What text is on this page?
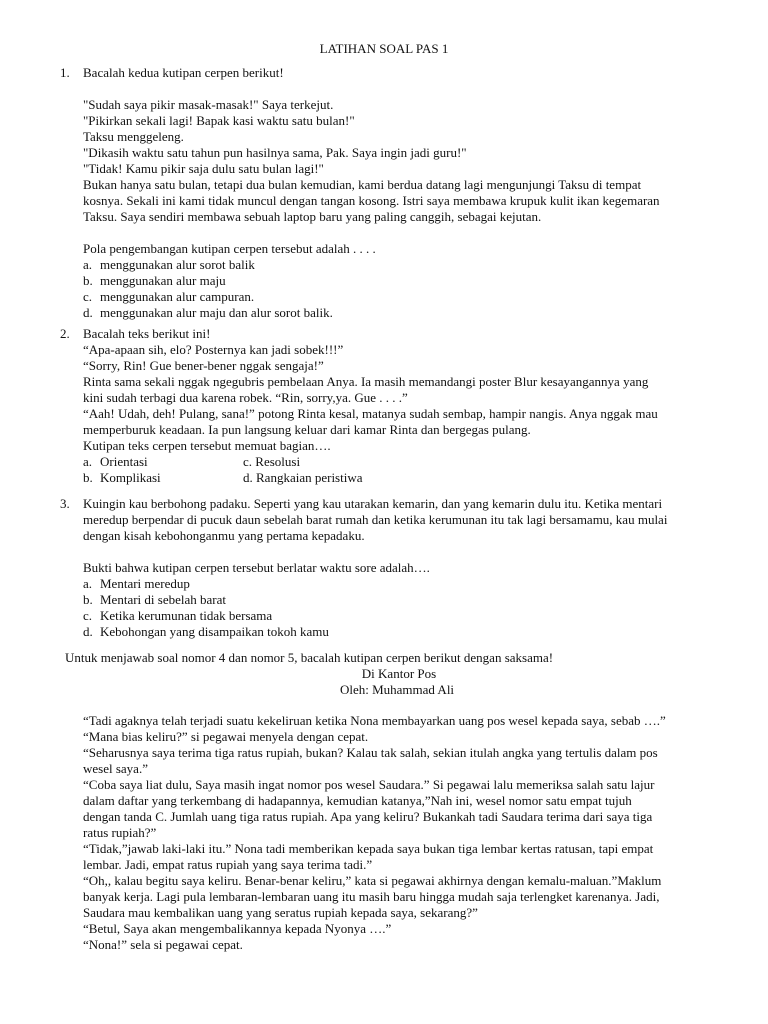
LATIHAN SOAL PAS 1
1.	Bacalah kedua kutipan cerpen berikut!
"Sudah saya pikir masak-masak!" Saya terkejut.
"Pikirkan sekali lagi! Bapak kasi waktu satu bulan!"
Taksu menggeleng.
"Dikasih waktu satu tahun pun hasilnya sama, Pak. Saya ingin jadi guru!"
"Tidak! Kamu pikir saja dulu satu bulan lagi!"
Bukan hanya satu bulan, tetapi dua bulan kemudian, kami berdua datang lagi mengunjungi Taksu di tempat
kosnya. Sekali ini kami tidak muncul dengan tangan kosong. Istri saya membawa krupuk kulit ikan kegemaran
Taksu. Saya sendiri membawa sebuah laptop baru yang paling canggih, sebagai kejutan.
Pola pengembangan kutipan cerpen tersebut adalah . . . .
a. menggunakan alur sorot balik
b. menggunakan alur maju
c. menggunakan alur campuran.
d. menggunakan alur maju dan alur sorot balik.
2.	Bacalah teks berikut ini!
“Apa-apaan sih, elo? Posternya kan jadi sobek!!!”
“Sorry, Rin! Gue bener-bener nggak sengaja!”
Rinta sama sekali nggak ngegubris pembelaan Anya. Ia masih memandangi poster Blur kesayangannya yang
kini sudah terbagi dua karena robek. “Rin, sorry,ya. Gue . . . .”
“Aah! Udah, deh! Pulang, sana!” potong Rinta kesal, matanya sudah sembap, hampir nangis. Anya nggak mau
memperburuk keadaan. Ia pun langsung keluar dari kamar Rinta dan bergegas pulang.
Kutipan teks cerpen tersebut memuat bagian….
a. Orientasi	c. Resolusi
b. Komplikasi	d. Rangkaian peristiwa
3.	Kuingin kau berbohong padaku. Seperti yang kau utarakan kemarin, dan yang kemarin dulu itu. Ketika mentari
meredup berpendar di pucuk daun sebelah barat rumah dan ketika kerumunan itu tak lagi bersamamu, kau mulai
dengan kisah kebohonganmu yang pertama kepadaku.
Bukti bahwa kutipan cerpen tersebut berlatar waktu sore adalah….
a. Mentari meredup
b. Mentari di sebelah barat
c. Ketika kerumunan tidak bersama
d. Kebohongan yang disampaikan tokoh kamu
Untuk menjawab soal nomor 4 dan nomor 5, bacalah kutipan cerpen berikut dengan saksama!
Di Kantor Pos
Oleh: Muhammad Ali
“Tadi agaknya telah terjadi suatu kekeliruan ketika Nona membayarkan uang pos wesel kepada saya, sebab ….”
“Mana bias keliru?” si pegawai menyela dengan cepat.
“Seharusnya saya terima tiga ratus rupiah, bukan? Kalau tak salah, sekian itulah angka yang tertulis dalam pos
wesel saya.”
“Coba saya liat dulu, Saya masih ingat nomor pos wesel Saudara.” Si pegawai lalu memeriksa salah satu lajur
dalam daftar yang terkembang di hadapannya, kemudian katanya,”Nah ini, wesel nomor satu empat tujuh
dengan tanda C. Jumlah uang tiga ratus rupiah. Apa yang keliru? Bukankah tadi Saudara terima dari saya tiga
ratus rupiah?”
“Tidak,”jawab laki-laki itu.” Nona tadi memberikan kepada saya bukan tiga lembar kertas ratusan, tapi empat
lembar. Jadi, empat ratus rupiah yang saya terima tadi.”
“Oh,, kalau begitu saya keliru. Benar-benar keliru,” kata si pegawai akhirnya dengan kemalu-maluan.”Maklum
banyak kerja. Lagi pula lembaran-lembaran uang itu masih baru hingga mudah saja terlengket karenanya. Jadi,
Saudara mau kembalikan uang yang seratus rupiah kepada saya, sekarang?”
“Betul, Saya akan mengembalikannya kepada Nyonya ….”
“Nona!” sela si pegawai cepat.
